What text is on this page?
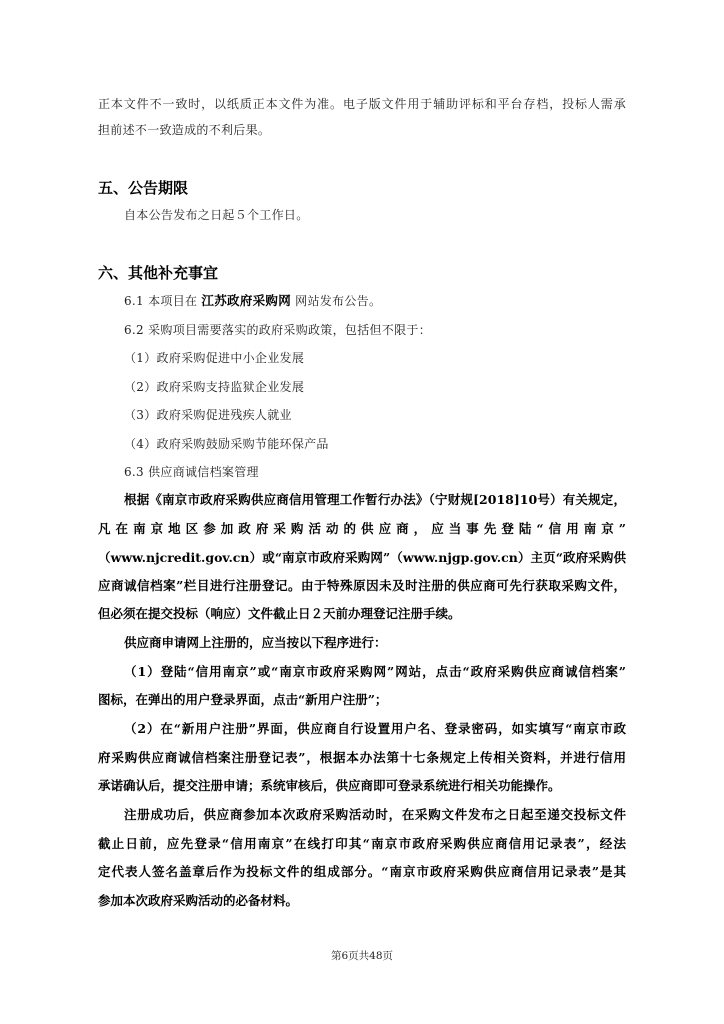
正本文件不一致时，以纸质正本文件为准。电子版文件用于辅助评标和平台存档，投标人需承
担前述不一致造成的不利后果。
五、公告期限
自本公告发布之日起５个工作日。
六、其他补充事宜
6.1 本项目在 江苏政府采购网 网站发布公告。
6.2 采购项目需要落实的政府采购政策，包括但不限于：
（1）政府采购促进中小企业发展
（2）政府采购支持监狱企业发展
（3）政府采购促进残疾人就业
（4）政府采购鼓励采购节能环保产品
6.3 供应商诚信档案管理
根据《南京市政府采购供应商信用管理工作暂行办法》（宁财规[2018]10号）有关规定，
凡在南京地区参加政府采购活动的供应商，应当事先登陆“信用南京”
（www.njcredit.gov.cn）或“南京市政府采购网”（www.njgp.gov.cn）主页“政府采购供
应商诚信档案”栏目进行注册登记。由于特殊原因未及时注册的供应商可先行获取采购文件，
但必须在提交投标（响应）文件截止日２天前办理登记注册手续。
供应商申请网上注册的，应当按以下程序进行：
（1）登陆“信用南京”或“南京市政府采购网”网站，点击“政府采购供应商诚信档案”
图标，在弹出的用户登录界面，点击“新用户注册”；
（2）在“新用户注册”界面，供应商自行设置用户名、登录密码，如实填写“南京市政
府采购供应商诚信档案注册登记表”，根据本办法第十七条规定上传相关资料，并进行信用
承诺确认后，提交注册申请；系统审核后，供应商即可登录系统进行相关功能操作。
注册成功后，供应商参加本次政府采购活动时，在采购文件发布之日起至递交投标文件
截止日前，应先登录“信用南京”在线打印其“南京市政府采购供应商信用记录表”，经法
定代表人签名盖章后作为投标文件的组成部分。“南京市政府采购供应商信用记录表”是其
参加本次政府采购活动的必备材料。
第6页共48页
